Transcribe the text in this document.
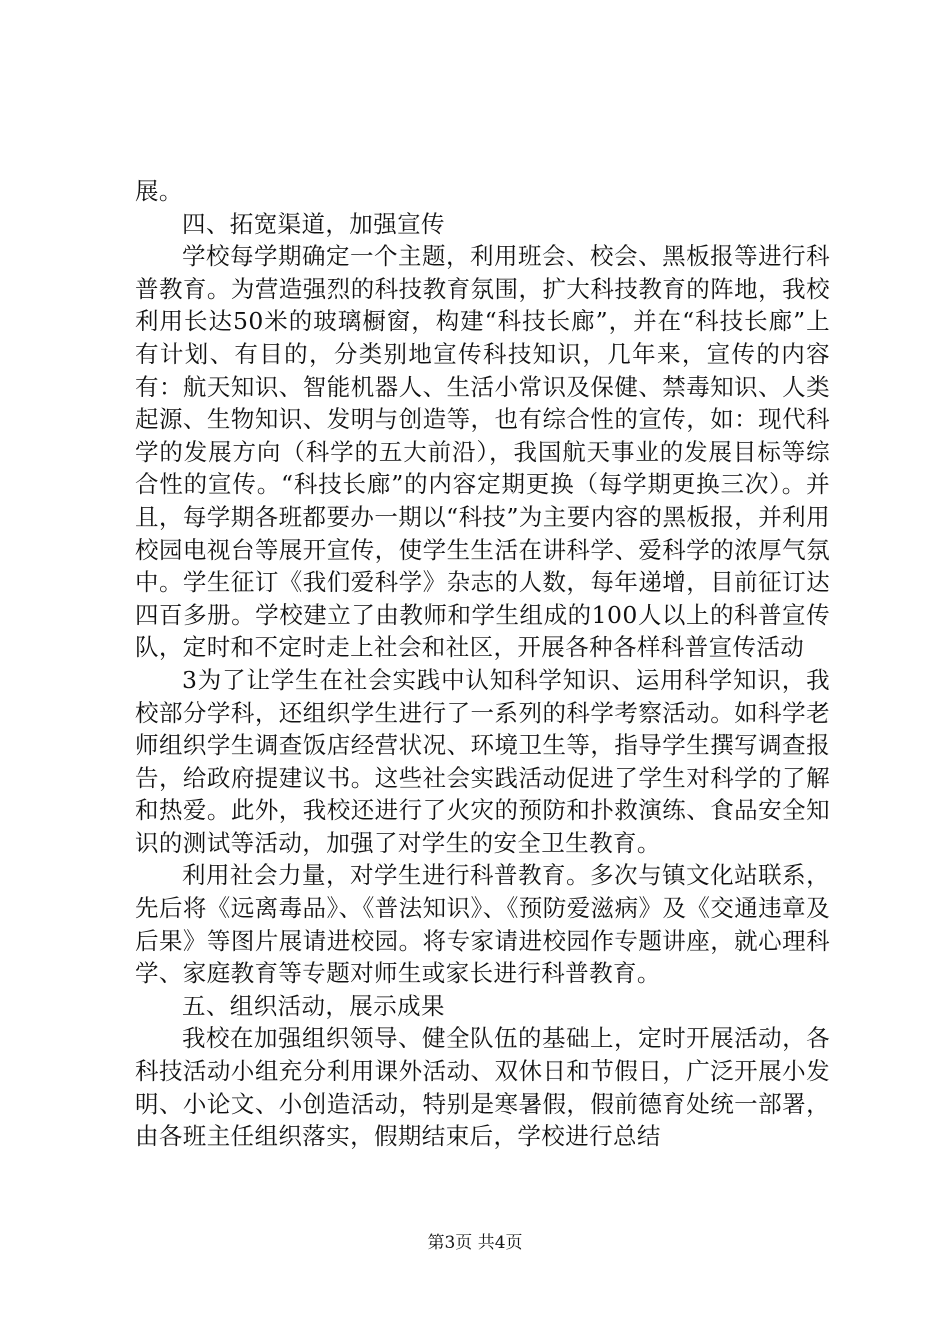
展。

四、拓宽渠道，加强宣传

学校每学期确定一个主题，利用班会、校会、黑板报等进行科普教育。为营造强烈的科技教育氛围，扩大科技教育的阵地，我校利用长达50米的玻璃橱窗，构建“科技长廊”，并在“科技长廊”上有计划、有目的，分类别地宣传科技知识，几年来，宣传的内容有：航天知识、智能机器人、生活小常识及保健、禁毒知识、人类起源、生物知识、发明与创造等，也有综合性的宣传，如：现代科学的发展方向（科学的五大前沿），我国航天事业的发展目标等综合性的宣传。“科技长廊”的内容定期更换（每学期更换三次）。并且，每学期各班都要办一期以“科技”为主要内容的黑板报，并利用校园电视台等展开宣传，使学生生活在讲科学、爱科学的浓厚气氛中。学生征订《我们爱科学》杂志的人数，每年递增，目前征订达四百多册。学校建立了由教师和学生组成的100人以上的科普宣传队，定时和不定时走上社会和社区，开展各种各样科普宣传活动

3为了让学生在社会实践中认知科学知识、运用科学知识，我校部分学科，还组织学生进行了一系列的科学考察活动。如科学老师组织学生调查饭店经营状况、环境卫生等，指导学生撰写调查报告，给政府提建议书。这些社会实践活动促进了学生对科学的了解和热爱。此外，我校还进行了火灾的预防和扑救演练、食品安全知识的测试等活动，加强了对学生的安全卫生教育。

利用社会力量，对学生进行科普教育。多次与镇文化站联系，先后将《远离毒品》、《普法知识》、《预防爱滋病》及《交通违章及后果》等图片展请进校园。将专家请进校园作专题讲座，就心理科学、家庭教育等专题对师生或家长进行科普教育。

五、组织活动，展示成果

我校在加强组织领导、健全队伍的基础上，定时开展活动，各科技活动小组充分利用课外活动、双休日和节假日，广泛开展小发明、小论文、小创造活动，特别是寒暑假，假前德育处统一部署，由各班主任组织落实，假期结束后，学校进行总结

第3页 共4页
